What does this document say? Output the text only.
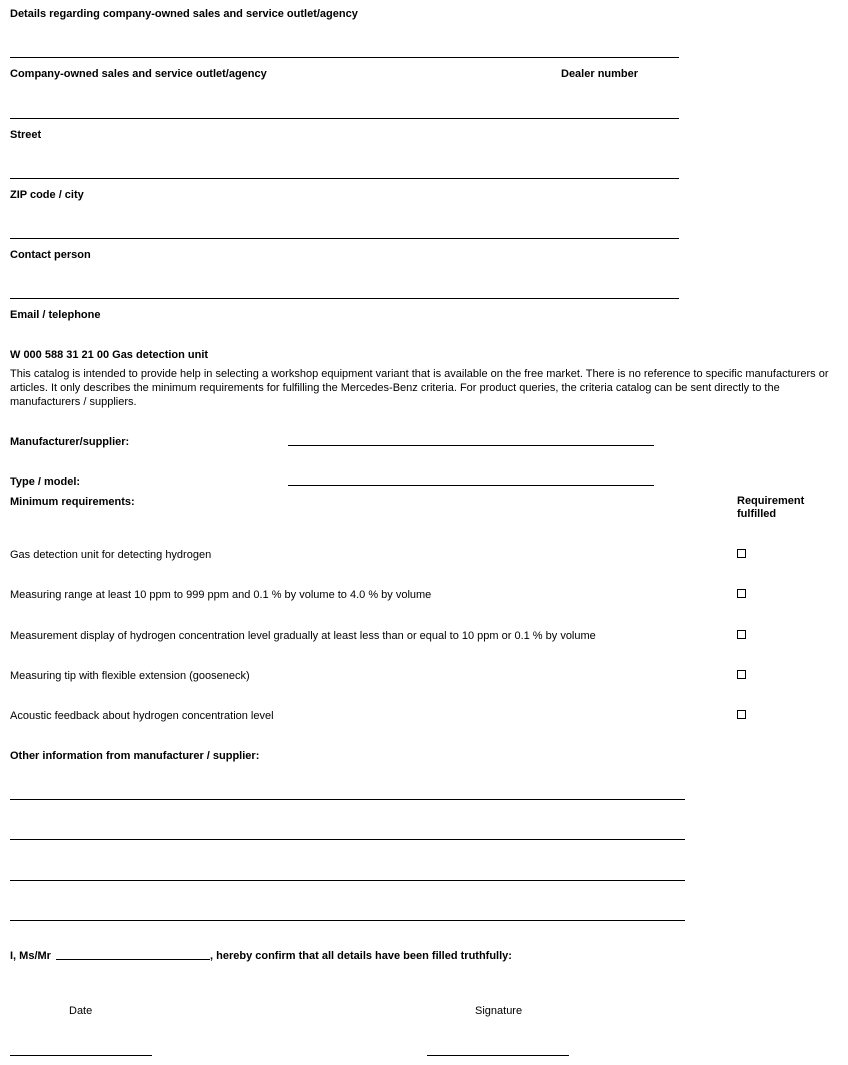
Details regarding company-owned sales and service outlet/agency
Company-owned sales and service outlet/agency	Dealer number
Street
ZIP code / city
Contact person
Email / telephone
W 000 588 31 21 00 Gas detection unit
This catalog is intended to provide help in selecting a workshop equipment variant that is available on the free market. There is no reference to specific manufacturers or articles. It only describes the minimum requirements for fulfilling the Mercedes-Benz criteria. For product queries, the criteria catalog can be sent directly to the manufacturers / suppliers.
Manufacturer/supplier:
Type / model:
Minimum requirements:	Requirement fulfilled
Gas detection unit for detecting hydrogen
Measuring range at least 10 ppm to 999 ppm and 0.1 % by volume to 4.0 % by volume
Measurement display of hydrogen concentration level gradually at least less than or equal to 10 ppm or 0.1 % by volume
Measuring tip with flexible extension (gooseneck)
Acoustic feedback about hydrogen concentration level
Other information from manufacturer / supplier:
I, Ms/Mr	, hereby confirm that all details have been filled truthfully:
Date	Signature
